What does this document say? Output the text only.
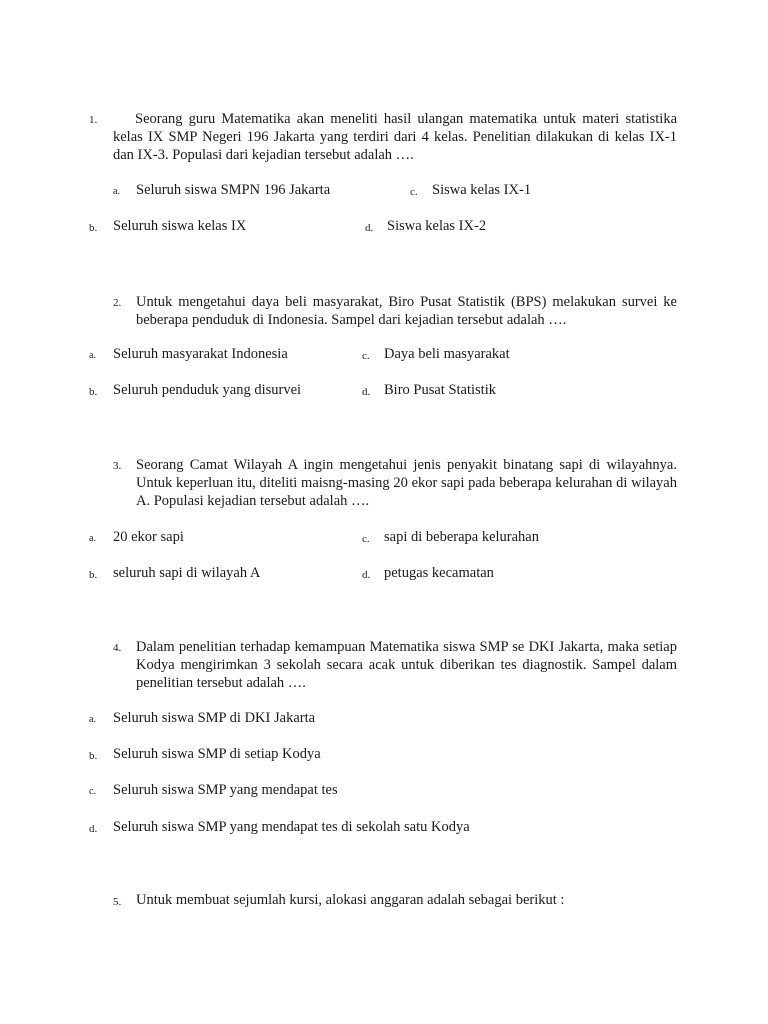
1.	Seorang guru Matematika akan meneliti hasil ulangan matematika untuk materi statistika kelas IX SMP Negeri 196 Jakarta yang terdiri dari 4 kelas. Penelitian dilakukan di kelas IX-1 dan IX-3. Populasi dari kejadian tersebut adalah ….
a. Seluruh siswa SMPN 196 Jakarta	c. Siswa kelas IX-1
b. Seluruh siswa kelas IX	d. Siswa kelas IX-2
2. Untuk mengetahui daya beli masyarakat, Biro Pusat Statistik (BPS) melakukan survei ke beberapa penduduk di Indonesia. Sampel dari kejadian tersebut adalah ….
a. Seluruh masyarakat Indonesia	c. Daya beli masyarakat
b. Seluruh penduduk yang disurvei	d. Biro Pusat Statistik
3. Seorang Camat Wilayah A ingin mengetahui jenis penyakit binatang sapi di wilayahnya. Untuk keperluan itu, diteliti maisng-masing 20 ekor sapi pada beberapa kelurahan di wilayah A. Populasi kejadian tersebut adalah ….
a. 20 ekor sapi	c. sapi di beberapa kelurahan
b. seluruh sapi di wilayah A	d. petugas kecamatan
4. Dalam penelitian terhadap kemampuan Matematika siswa SMP se DKI Jakarta, maka setiap Kodya mengirimkan 3 sekolah secara acak untuk diberikan tes diagnostik. Sampel dalam penelitian tersebut adalah ….
a. Seluruh siswa SMP di DKI Jakarta
b. Seluruh siswa SMP di setiap Kodya
c. Seluruh siswa SMP yang mendapat tes
d. Seluruh siswa SMP yang mendapat tes di sekolah satu Kodya
5. Untuk membuat sejumlah kursi, alokasi anggaran adalah sebagai berikut :
